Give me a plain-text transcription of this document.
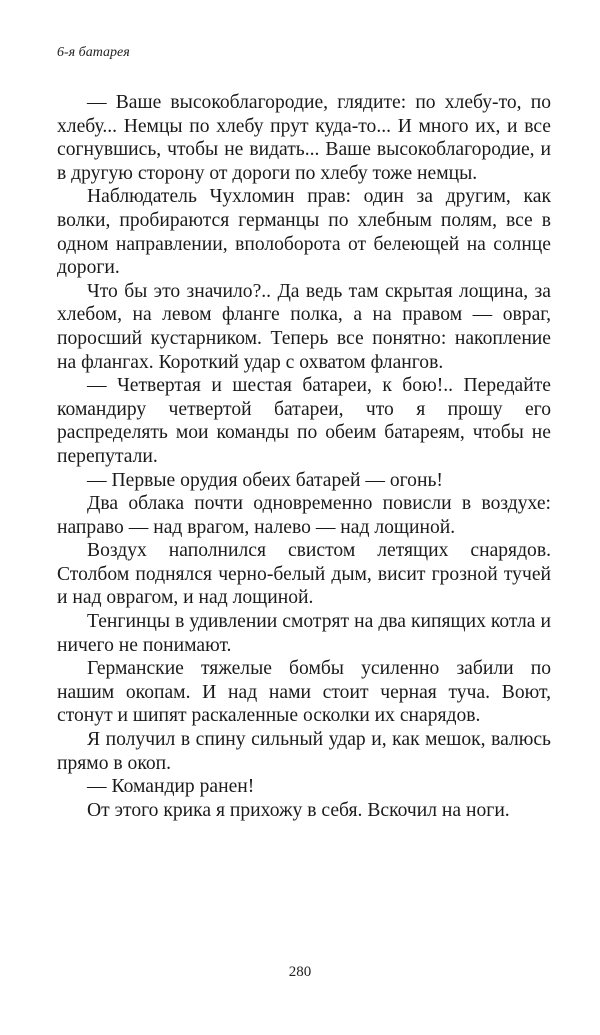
6-я батарея

— Ваше высокоблагородие, глядите: по хлебу-то, по хлебу... Немцы по хлебу прут куда-то... И много их, и все согнувшись, чтобы не видать... Ваше высокоблагородие, и в другую сторону от дороги по хлебу тоже немцы.

Наблюдатель Чухломин прав: один за другим, как волки, пробираются германцы по хлебным полям, все в одном направлении, вполоборота от белеющей на солнце дороги.

Что бы это значило?.. Да ведь там скрытая лощина, за хлебом, на левом фланге полка, а на правом — овраг, поросший кустарником. Теперь все понятно: накопление на флангах. Короткий удар с охватом флангов.

— Четвертая и шестая батареи, к бою!.. Передайте командиру четвертой батареи, что я прошу его распределять мои команды по обеим батареям, чтобы не перепутали.

— Первые орудия обеих батарей — огонь!

Два облака почти одновременно повисли в воздухе: направо — над врагом, налево — над лощиной.

Воздух наполнился свистом летящих снарядов. Столбом поднялся черно-белый дым, висит грозной тучей и над оврагом, и над лощиной.

Тенгинцы в удивлении смотрят на два кипящих котла и ничего не понимают.

Германские тяжелые бомбы усиленно забили по нашим окопам. И над нами стоит черная туча. Воют, стонут и шипят раскаленные осколки их снарядов.

Я получил в спину сильный удар и, как мешок, валюсь прямо в окоп.

— Командир ранен!

От этого крика я прихожу в себя. Вскочил на ноги.

280
